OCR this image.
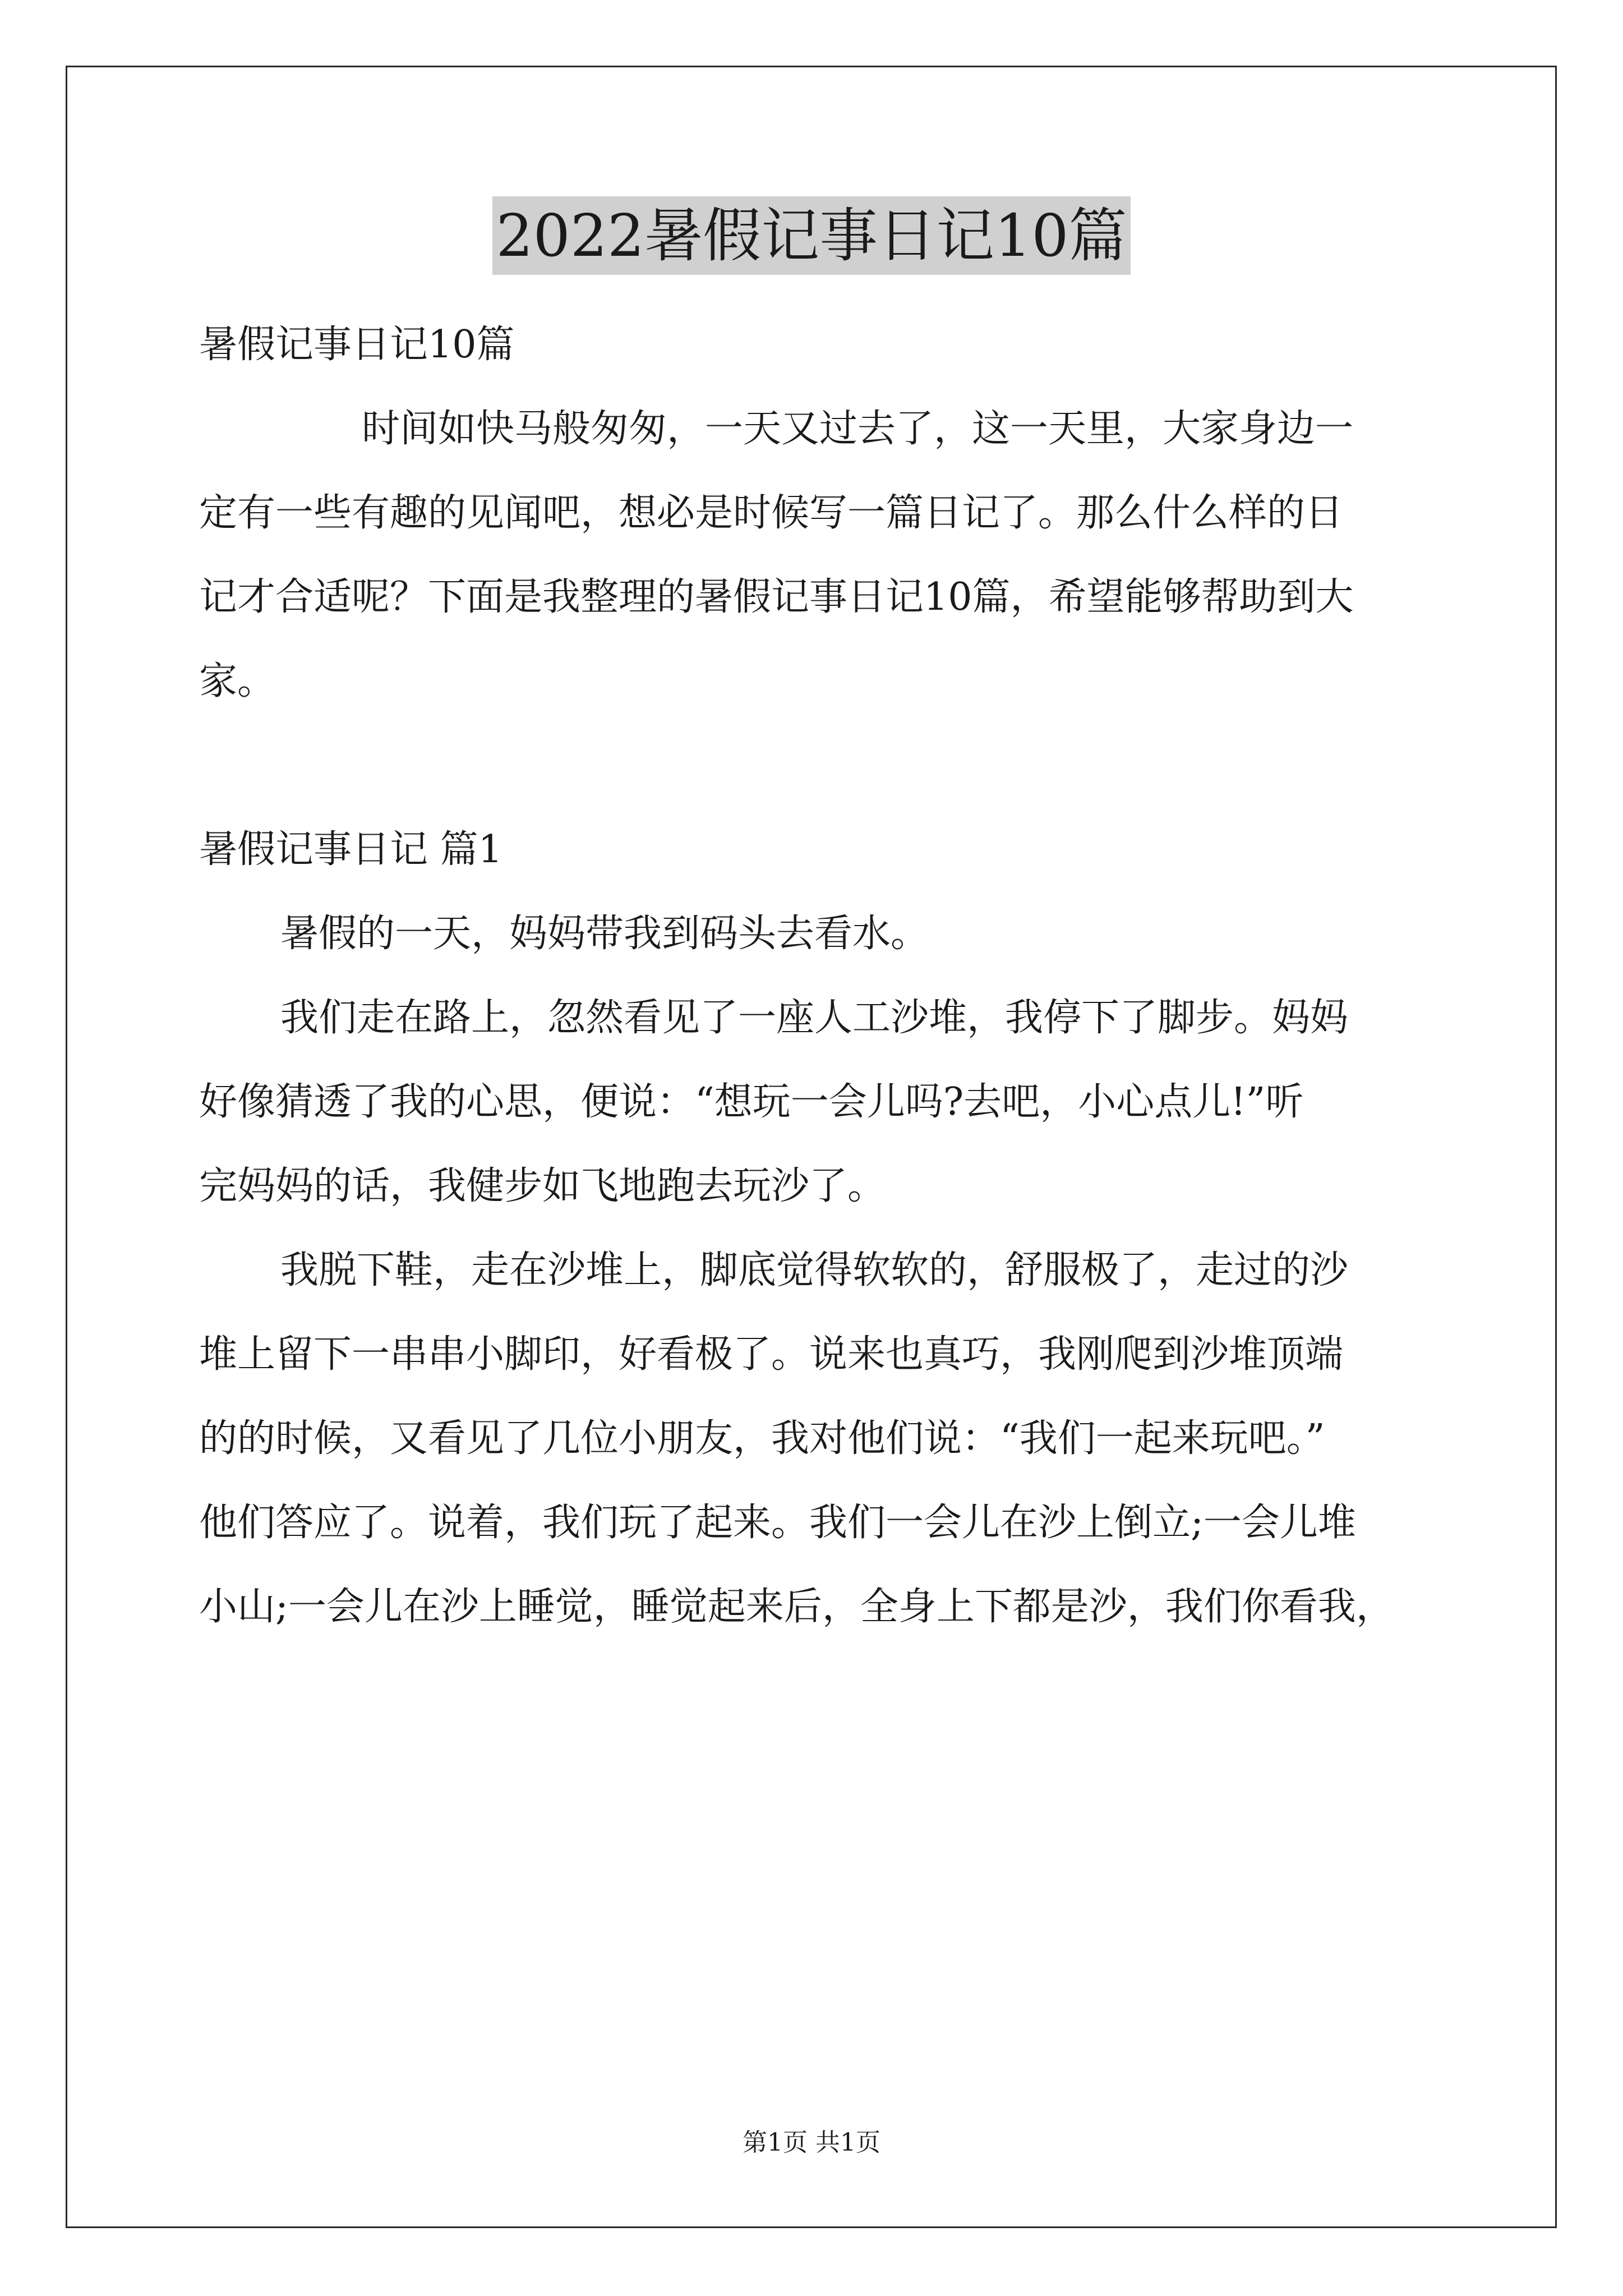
2022暑假记事日记10篇
暑假记事日记10篇
时间如快马般匆匆，一天又过去了，这一天里，大家身边一
定有一些有趣的见闻吧，想必是时候写一篇日记了。那么什么样的日
记才合适呢？下面是我整理的暑假记事日记10篇，希望能够帮助到大
家。
暑假记事日记 篇1
暑假的一天，妈妈带我到码头去看水。
我们走在路上，忽然看见了一座人工沙堆，我停下了脚步。妈妈
好像猜透了我的心思，便说：“想玩一会儿吗?去吧，小心点儿!”听
完妈妈的话，我健步如飞地跑去玩沙了。
我脱下鞋，走在沙堆上，脚底觉得软软的，舒服极了，走过的沙
堆上留下一串串小脚印，好看极了。说来也真巧，我刚爬到沙堆顶端
的的时候，又看见了几位小朋友，我对他们说：“我们一起来玩吧。”
他们答应了。说着，我们玩了起来。我们一会儿在沙上倒立;一会儿堆
小山;一会儿在沙上睡觉，睡觉起来后，全身上下都是沙，我们你看我，
第1页 共1页
